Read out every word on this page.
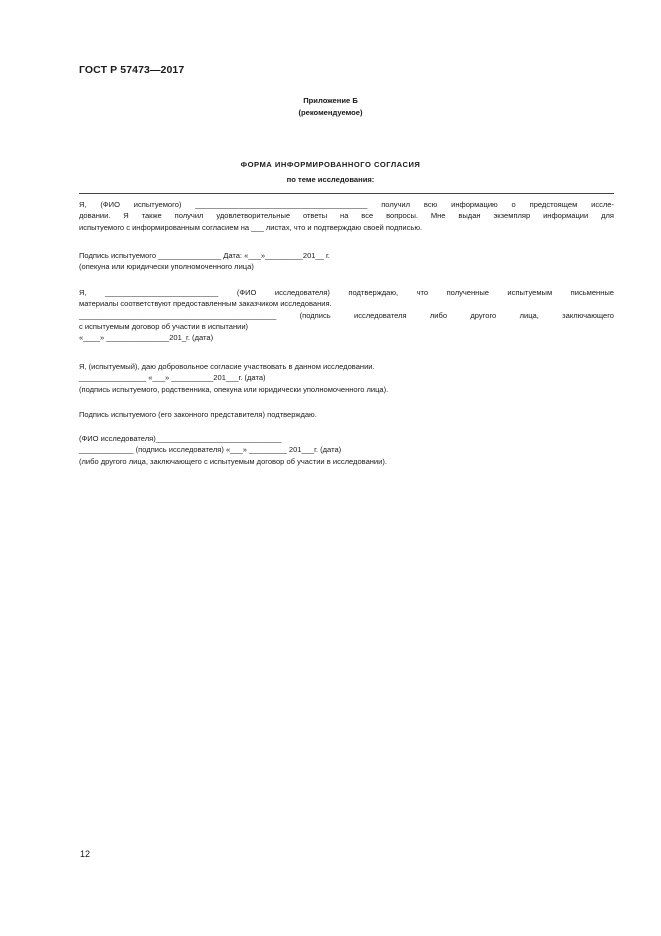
ГОСТ Р 57473—2017
Приложение Б
(рекомендуемое)
ФОРМА ИНФОРМИРОВАННОГО СОГЛАСИЯ
по теме исследования:
Я, (ФИО испытуемого) _________________________________________ получил всю информацию о предстоящем иссле-
довании. Я также получил удовлетворительные ответы на все вопросы. Мне выдан экземпляр информации для
испытуемого с информированным согласием на ___ листах, что и подтверждаю своей подписью.
Подпись испытуемого _______________ Дата: «___»_________201__ г.
(опекуна или юридически уполномоченного лица)
Я, ___________________________ (ФИО исследователя) подтверждаю, что полученные испытуемым письменные
материалы соответствуют предоставленным заказчиком исследования.
_______________________________________________ (подпись исследователя либо другого лица, заключающего
с испытуемым договор об участии в испытании)
«____» _______________201_г. (дата)
Я, (испытуемый), даю добровольное согласие участвовать в данном исследовании.
________________ «___» __________201___г. (дата)
(подпись испытуемого, родственника, опекуна или юридически уполномоченного лица).
Подпись испытуемого (его законного представителя) подтверждаю.
(ФИО исследователя)______________________________
_____________ (подпись исследователя) «___» _________ 201___г. (дата)
(либо другого лица, заключающего с испытуемым договор об участии в исследовании).
12
